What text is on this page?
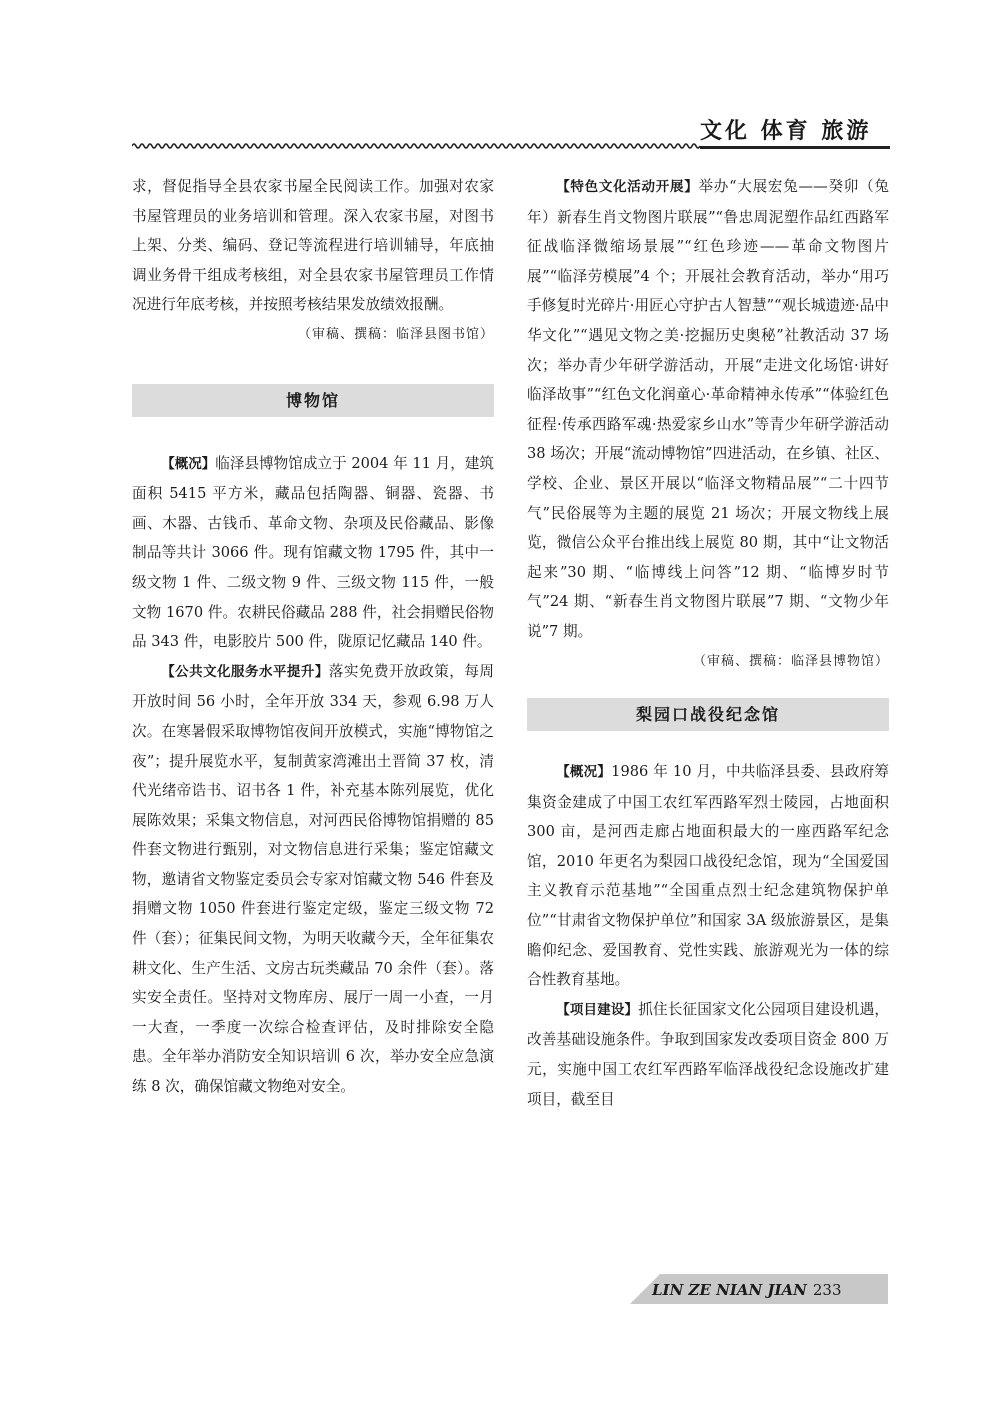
文化 体育 旅游

求，督促指导全县农家书屋全民阅读工作。加强对农家书屋管理员的业务培训和管理。深入农家书屋，对图书上架、分类、编码、登记等流程进行培训辅导，年底抽调业务骨干组成考核组，对全县农家书屋管理员工作情况进行年底考核，并按照考核结果发放绩效报酬。

（审稿、撰稿：临泽县图书馆）

博物馆

【概况】临泽县博物馆成立于 2004 年 11 月，建筑面积 5415 平方米，藏品包括陶器、铜器、瓷器、书画、木器、古钱币、革命文物、杂项及民俗藏品、影像制品等共计 3066 件。现有馆藏文物 1795 件，其中一级文物 1 件、二级文物 9 件、三级文物 115 件，一般文物 1670 件。农耕民俗藏品 288 件，社会捐赠民俗物品 343 件，电影胶片 500 件，陇原记忆藏品 140 件。

【公共文化服务水平提升】落实免费开放政策，每周开放时间 56 小时，全年开放 334 天，参观 6.98 万人次。在寒暑假采取博物馆夜间开放模式，实施“博物馆之夜”；提升展览水平，复制黄家湾滩出土晋简 37 枚，清代光绪帝诰书、诏书各 1 件，补充基本陈列展览，优化展陈效果；采集文物信息，对河西民俗博物馆捐赠的 85 件套文物进行甄别，对文物信息进行采集；鉴定馆藏文物，邀请省文物鉴定委员会专家对馆藏文物 546 件套及捐赠文物 1050 件套进行鉴定定级，鉴定三级文物 72 件（套）；征集民间文物，为明天收藏今天，全年征集农耕文化、生产生活、文房古玩类藏品 70 余件（套）。落实安全责任。坚持对文物库房、展厅一周一小查，一月一大查，一季度一次综合检查评估，及时排除安全隐患。全年举办消防安全知识培训 6 次，举办安全应急演练 8 次，确保馆藏文物绝对安全。

【特色文化活动开展】举办“大展宏兔——癸卯（兔年）新春生肖文物图片联展”“鲁忠周泥塑作品红西路军征战临泽微缩场景展”“红色珍迹——革命文物图片展”“临泽劳模展”4 个；开展社会教育活动，举办“用巧手修复时光碎片·用匠心守护古人智慧”“观长城遗迹·品中华文化”“遇见文物之美·挖掘历史奥秘”社教活动 37 场次；举办青少年研学游活动，开展“走进文化场馆·讲好临泽故事”“红色文化润童心·革命精神永传承”“体验红色征程·传承西路军魂·热爱家乡山水”等青少年研学游活动 38 场次；开展“流动博物馆”四进活动，在乡镇、社区、学校、企业、景区开展以“临泽文物精品展”“二十四节气”民俗展等为主题的展览 21 场次；开展文物线上展览，微信公众平台推出线上展览 80 期，其中“让文物活起来”30 期、“临博线上问答”12 期、“临博岁时节气”24 期、“新春生肖文物图片联展”7 期、“文物少年说”7 期。

（审稿、撰稿：临泽县博物馆）

梨园口战役纪念馆

【概况】1986 年 10 月，中共临泽县委、县政府筹集资金建成了中国工农红军西路军烈士陵园，占地面积 300 亩，是河西走廊占地面积最大的一座西路军纪念馆，2010 年更名为梨园口战役纪念馆，现为“全国爱国主义教育示范基地”“全国重点烈士纪念建筑物保护单位”“甘肃省文物保护单位”和国家 3A 级旅游景区，是集瞻仰纪念、爱国教育、党性实践、旅游观光为一体的综合性教育基地。

【项目建设】抓住长征国家文化公园项目建设机遇，改善基础设施条件。争取到国家发改委项目资金 800 万元，实施中国工农红军西路军临泽战役纪念设施改扩建项目，截至目

LIN ZE NIAN JIAN 233
